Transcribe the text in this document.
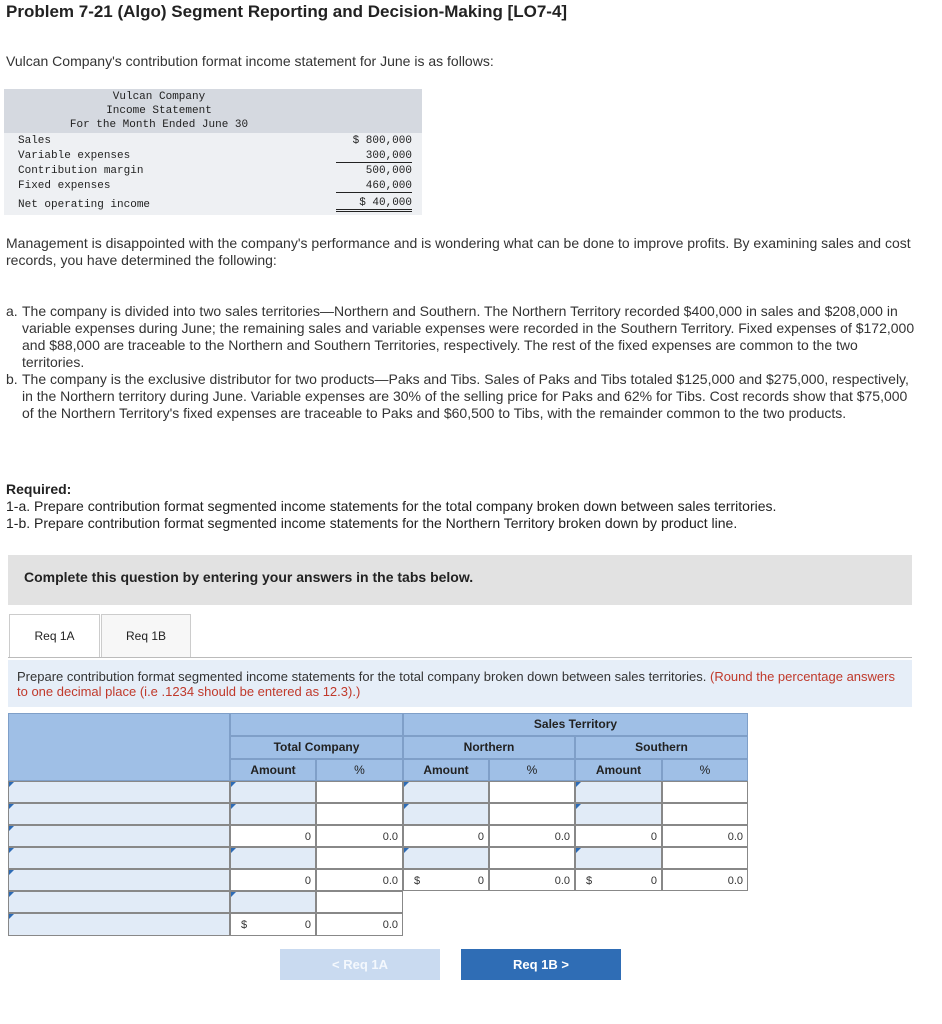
Problem 7-21 (Algo) Segment Reporting and Decision-Making [LO7-4]
Vulcan Company's contribution format income statement for June is as follows:
Vulcan Company
Income Statement
For the Month Ended June 30
Sales	$ 800,000
Variable expenses	300,000
Contribution margin	500,000
Fixed expenses	460,000
Net operating income	$ 40,000
Management is disappointed with the company's performance and is wondering what can be done to improve profits. By examining sales and cost records, you have determined the following:
a. The company is divided into two sales territories—Northern and Southern. The Northern Territory recorded $400,000 in sales and $208,000 in variable expenses during June; the remaining sales and variable expenses were recorded in the Southern Territory. Fixed expenses of $172,000 and $88,000 are traceable to the Northern and Southern Territories, respectively. The rest of the fixed expenses are common to the two territories.
b. The company is the exclusive distributor for two products—Paks and Tibs. Sales of Paks and Tibs totaled $125,000 and $275,000, respectively, in the Northern territory during June. Variable expenses are 30% of the selling price for Paks and 62% for Tibs. Cost records show that $75,000 of the Northern Territory's fixed expenses are traceable to Paks and $60,500 to Tibs, with the remainder common to the two products.
Required:
1-a. Prepare contribution format segmented income statements for the total company broken down between sales territories.
1-b. Prepare contribution format segmented income statements for the Northern Territory broken down by product line.
Complete this question by entering your answers in the tabs below.
Req 1A	Req 1B
Prepare contribution format segmented income statements for the total company broken down between sales territories. (Round the percentage answers to one decimal place (i.e .1234 should be entered as 12.3).)
Sales Territory
Total Company	Northern	Southern
Amount	%	Amount	%	Amount	%
0	0.0	0	0.0	0	0.0
0	0.0 $	0	0.0 $	0	0.0
$	0	0.0
< Req 1A	Req 1B >
